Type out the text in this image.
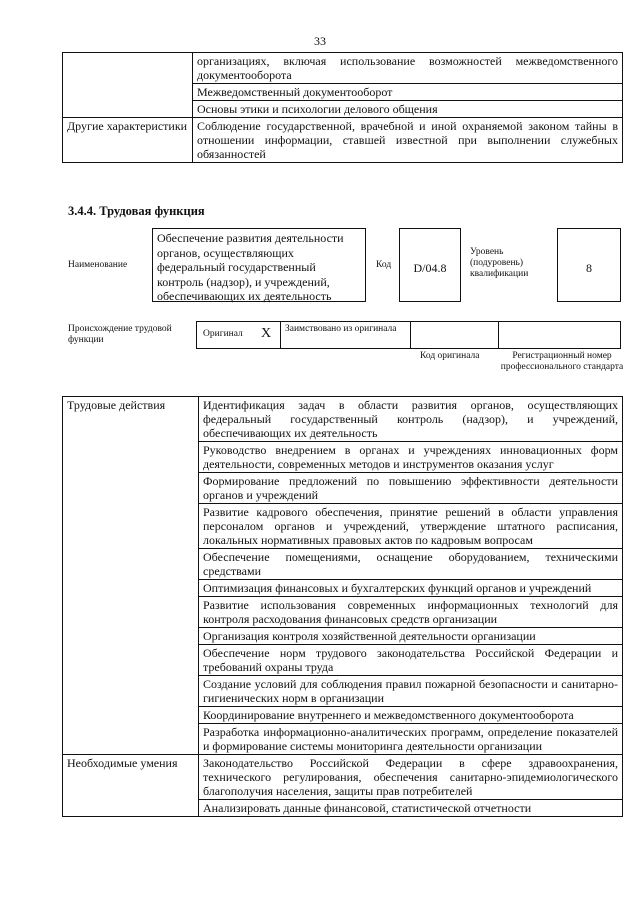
33
	организациях, включая использование возможностей межведомственного документооборота
	Межведомственный документооборот
	Основы этики и психологии делового общения
Другие характеристики	Соблюдение государственной, врачебной и иной охраняемой законом тайны в отношении информации, ставшей известной при выполнении служебных обязанностей
3.4.4. Трудовая функция
Наименование
Обеспечение развития деятельности органов, осуществляющих федеральный государственный контроль (надзор), и учреждений, обеспечивающих их деятельность
Код	D/04.8
Уровень (подуровень) квалификации	8
Происхождение трудовой функции
Оригинал X Заимствовано из оригинала
Код оригинала	Регистрационный номер профессионального стандарта
Трудовые действия	Идентификация задач в области развития органов, осуществляющих федеральный государственный контроль (надзор), и учреждений, обеспечивающих их деятельность
	Руководство внедрением в органах и учреждениях инновационных форм деятельности, современных методов и инструментов оказания услуг
	Формирование предложений по повышению эффективности деятельности органов и учреждений
	Развитие кадрового обеспечения, принятие решений в области управления персоналом органов и учреждений, утверждение штатного расписания, локальных нормативных правовых актов по кадровым вопросам
	Обеспечение помещениями, оснащение оборудованием, техническими средствами
	Оптимизация финансовых и бухгалтерских функций органов и учреждений
	Развитие использования современных информационных технологий для контроля расходования финансовых средств организации
	Организация контроля хозяйственной деятельности организации
	Обеспечение норм трудового законодательства Российской Федерации и требований охраны труда
	Создание условий для соблюдения правил пожарной безопасности и санитарно-гигиенических норм в организации
	Координирование внутреннего и межведомственного документооборота
	Разработка информационно-аналитических программ, определение показателей и формирование системы мониторинга деятельности организации
Необходимые умения	Законодательство Российской Федерации в сфере здравоохранения, технического регулирования, обеспечения санитарно-эпидемиологического благополучия населения, защиты прав потребителей
	Анализировать данные финансовой, статистической отчетности
